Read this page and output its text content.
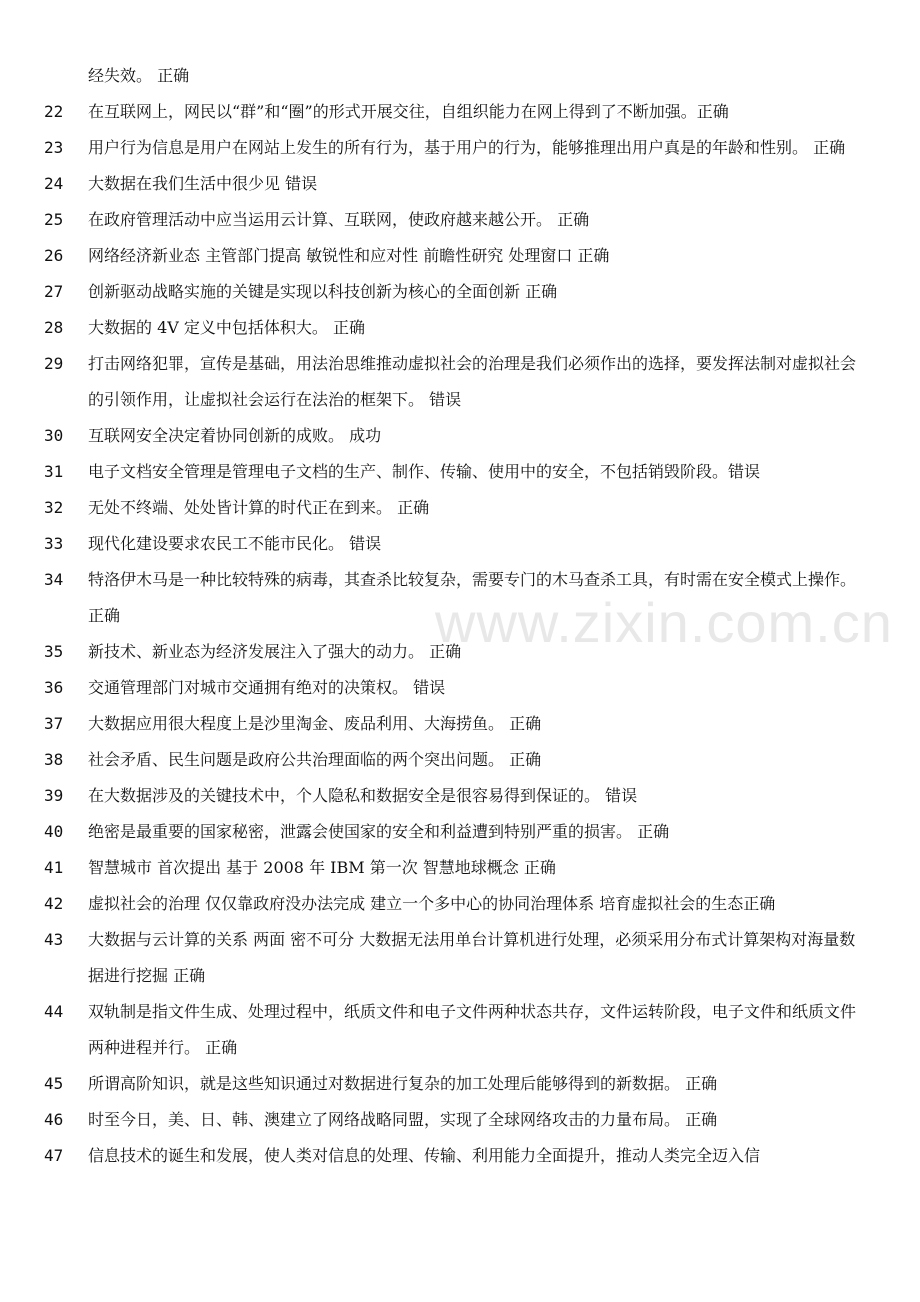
经失效。 正确
22	在互联网上，网民以“群”和“圈”的形式开展交往，自组织能力在网上得到了不断加强。正确
23	用户行为信息是用户在网站上发生的所有行为，基于用户的行为，能够推理出用户真是的年龄和性别。 正确
24	大数据在我们生活中很少见 错误
25	在政府管理活动中应当运用云计算、互联网，使政府越来越公开。 正确
26	网络经济新业态 主管部门提高 敏锐性和应对性 前瞻性研究 处理窗口 正确
27	创新驱动战略实施的关键是实现以科技创新为核心的全面创新 正确
28	大数据的 4V 定义中包括体积大。 正确
29	打击网络犯罪，宣传是基础，用法治思维推动虚拟社会的治理是我们必须作出的选择，要发挥法制对虚拟社会的引领作用，让虚拟社会运行在法治的框架下。 错误
30	互联网安全决定着协同创新的成败。 成功
31	电子文档安全管理是管理电子文档的生产、制作、传输、使用中的安全，不包括销毁阶段。错误
32	无处不终端、处处皆计算的时代正在到来。 正确
33	现代化建设要求农民工不能市民化。 错误
34	特洛伊木马是一种比较特殊的病毒，其查杀比较复杂，需要专门的木马查杀工具，有时需在安全模式上操作。 正确
35	新技术、新业态为经济发展注入了强大的动力。 正确
36	交通管理部门对城市交通拥有绝对的决策权。 错误
37	大数据应用很大程度上是沙里淘金、废品利用、大海捞鱼。 正确
38	社会矛盾、民生问题是政府公共治理面临的两个突出问题。 正确
39	在大数据涉及的关键技术中，个人隐私和数据安全是很容易得到保证的。 错误
40	绝密是最重要的国家秘密，泄露会使国家的安全和利益遭到特别严重的损害。 正确
41	智慧城市 首次提出 基于 2008 年 IBM 第一次 智慧地球概念 正确
42	虚拟社会的治理 仅仅靠政府没办法完成 建立一个多中心的协同治理体系 培育虚拟社会的生态正确
43	大数据与云计算的关系 两面 密不可分 大数据无法用单台计算机进行处理，必须采用分布式计算架构对海量数据进行挖掘 正确
44	双轨制是指文件生成、处理过程中，纸质文件和电子文件两种状态共存，文件运转阶段，电子文件和纸质文件两种进程并行。 正确
45	所谓高阶知识，就是这些知识通过对数据进行复杂的加工处理后能够得到的新数据。 正确
46	时至今日，美、日、韩、澳建立了网络战略同盟，实现了全球网络攻击的力量布局。 正确
47	信息技术的诞生和发展，使人类对信息的处理、传输、利用能力全面提升，推动人类完全迈入信
www.zixin.com.cn
